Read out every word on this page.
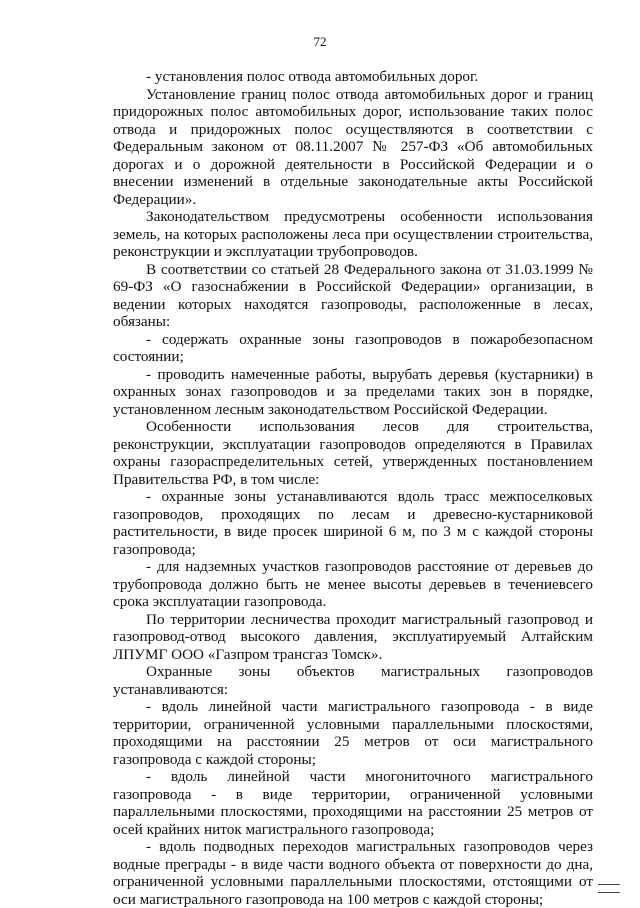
72

- установления полос отвода автомобильных дорог.

Установление границ полос отвода автомобильных дорог и границ придорожных полос автомобильных дорог, использование таких полос отвода и придорожных полос осуществляются в соответствии с Федеральным законом от 08.11.2007 № 257-ФЗ «Об автомобильных дорогах и о дорожной деятельности в Российской Федерации и о внесении изменений в отдельные законодательные акты Российской Федерации».

Законодательством предусмотрены особенности использования земель, на которых расположены леса при осуществлении строительства, реконструкции и эксплуатации трубопроводов.

В соответствии со статьей 28 Федерального закона от 31.03.1999 № 69-ФЗ «О газоснабжении в Российской Федерации» организации, в ведении которых находятся газопроводы, расположенные в лесах, обязаны:

- содержать охранные зоны газопроводов в пожаробезопасном состоянии;

- проводить намеченные работы, вырубать деревья (кустарники) в охранных зонах газопроводов и за пределами таких зон в порядке, установленном лесным законодательством Российской Федерации.

Особенности использования лесов для строительства, реконструкции, эксплуатации газопроводов определяются в Правилах охраны газораспределительных сетей, утвержденных постановлением Правительства РФ, в том числе:

- охранные зоны устанавливаются вдоль трасс межпоселковых газопроводов, проходящих по лесам и древесно-кустарниковой растительности, в виде просек шириной 6 м, по 3 м с каждой стороны газопровода;

- для надземных участков газопроводов расстояние от деревьев до трубопровода должно быть не менее высоты деревьев в течениевсего срока эксплуатации газопровода.

По территории лесничества проходит магистральный газопровод и газопровод-отвод высокого давления, эксплуатируемый Алтайским ЛПУМГ ООО «Газпром трансгаз Томск».

Охранные зоны объектов магистральных газопроводов устанавливаются:

- вдоль линейной части магистрального газопровода - в виде территории, ограниченной условными параллельными плоскостями, проходящими на расстоянии 25 метров от оси магистрального газопровода с каждой стороны;

- вдоль линейной части многониточного магистрального газопровода - в виде территории, ограниченной условными параллельными плоскостями, проходящими на расстоянии 25 метров от осей крайних ниток магистрального газопровода;

- вдоль подводных переходов магистральных газопроводов через водные преграды - в виде части водного объекта от поверхности до дна, ограниченной условными параллельными плоскостями, отстоящими от оси магистрального газопровода на 100 метров с каждой стороны;
